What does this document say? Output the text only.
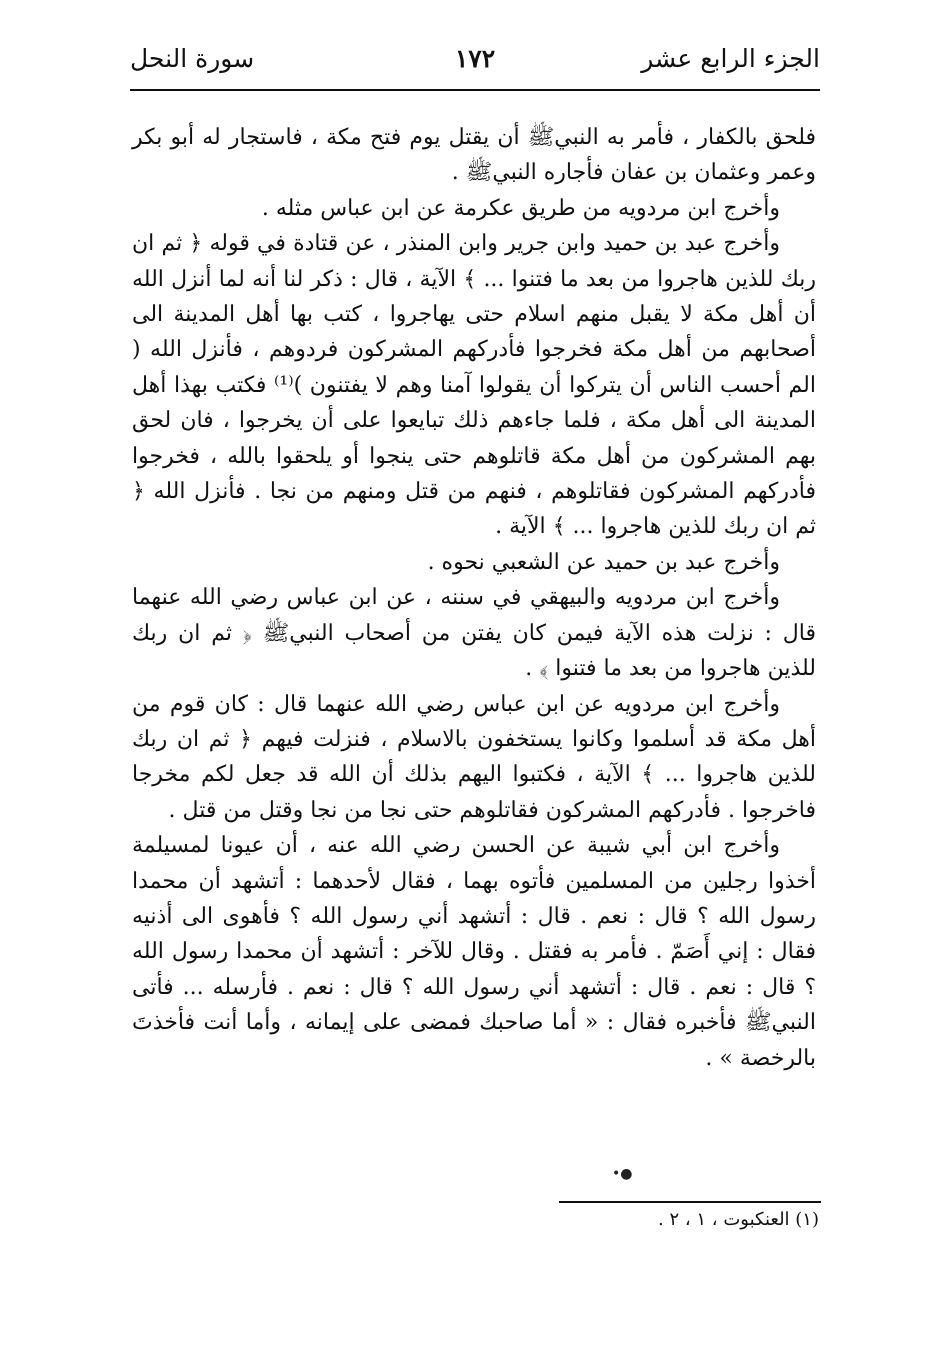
الجزء الرابع عشر
١٧٢
سورة النحل

فلحق بالكفار ، فأمر به النبيﷺ أن يقتل يوم فتح مكة ، فاستجار له أبو بكر وعمر وعثمان بن عفان فأجاره النبيﷺ .

وأخرج ابن مردويه من طريق عكرمة عن ابن عباس مثله .

وأخرج عبد بن حميد وابن جرير وابن المنذر ، عن قتادة في قوله ﴿ ثم ان ربك للذين هاجروا من بعد ما فتنوا ... ﴾ الآية ، قال : ذكر لنا أنه لما أنزل الله أن أهل مكة لا يقبل منهم اسلام حتى يهاجروا ، كتب بها أهل المدينة الى أصحابهم من أهل مكة فخرجوا فأدركهم المشركون فردوهم ، فأنزل الله ( الم أحسب الناس أن يتركوا أن يقولوا آمنا وهم لا يفتنون )⁽¹⁾ فكتب بهذا أهل المدينة الى أهل مكة ، فلما جاءهم ذلك تبايعوا على أن يخرجوا ، فان لحق بهم المشركون من أهل مكة قاتلوهم حتى ينجوا أو يلحقوا بالله ، فخرجوا فأدركهم المشركون فقاتلوهم ، فنهم من قتل ومنهم من نجا . فأنزل الله ﴿ ثم ان ربك للذين هاجروا ... ﴾ الآية .

وأخرج عبد بن حميد عن الشعبي نحوه .

وأخرج ابن مردويه والبيهقي في سننه ، عن ابن عباس رضي الله عنهما قال : نزلت هذه الآية فيمن كان يفتن من أصحاب النبيﷺ ﴿ ثم ان ربك للذين هاجروا من بعد ما فتنوا ﴾ .

وأخرج ابن مردويه عن ابن عباس رضي الله عنهما قال : كان قوم من أهل مكة قد أسلموا وكانوا يستخفون بالاسلام ، فنزلت فيهم ﴿ ثم ان ربك للذين هاجروا ... ﴾ الآية ، فكتبوا اليهم بذلك أن الله قد جعل لكم مخرجا فاخرجوا . فأدركهم المشركون فقاتلوهم حتى نجا من نجا وقتل من قتل .

وأخرج ابن أبي شيبة عن الحسن رضي الله عنه ، أن عيونا لمسيلمة أخذوا رجلين من المسلمين فأتوه بهما ، فقال لأحدهما : أتشهد أن محمدا رسول الله ؟ قال : نعم . قال : أتشهد أني رسول الله ؟ فأهوى الى أذنيه فقال : إني أَصَمّ . فأمر به فقتل . وقال للآخر : أتشهد أن محمدا رسول الله ؟ قال : نعم . قال : أتشهد أني رسول الله ؟ قال : نعم . فأرسله ... فأتى النبيﷺ فأخبره فقال : « أما صاحبك فمضى على إيمانه ، وأما أنت فأخذتَ بالرخصة » .

•●
(١) العنكبوت ، ١ ، ٢ .
